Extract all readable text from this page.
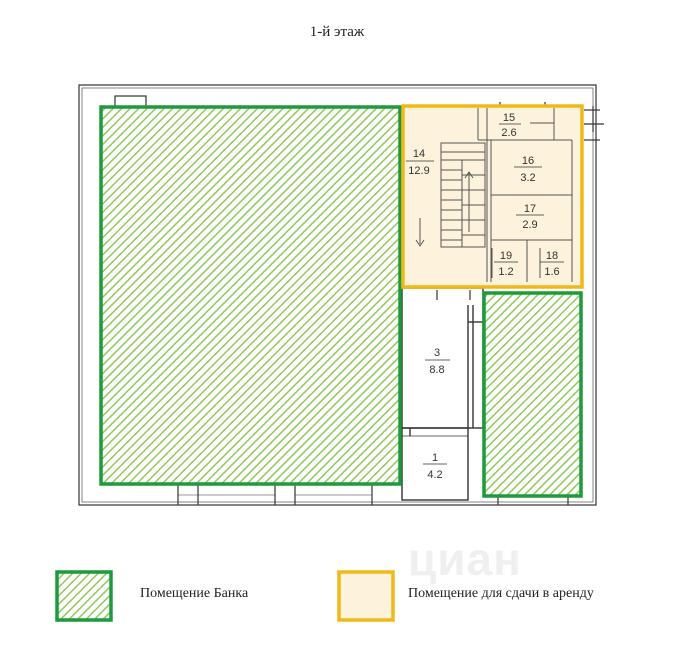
1-й этаж
15
2.6
14
12.9
16
3.2
17
2.9
19
1.2
18
1.6
3
8.8
1
4.2
циан
Помещение Банка	Помещение для сдачи в аренду
